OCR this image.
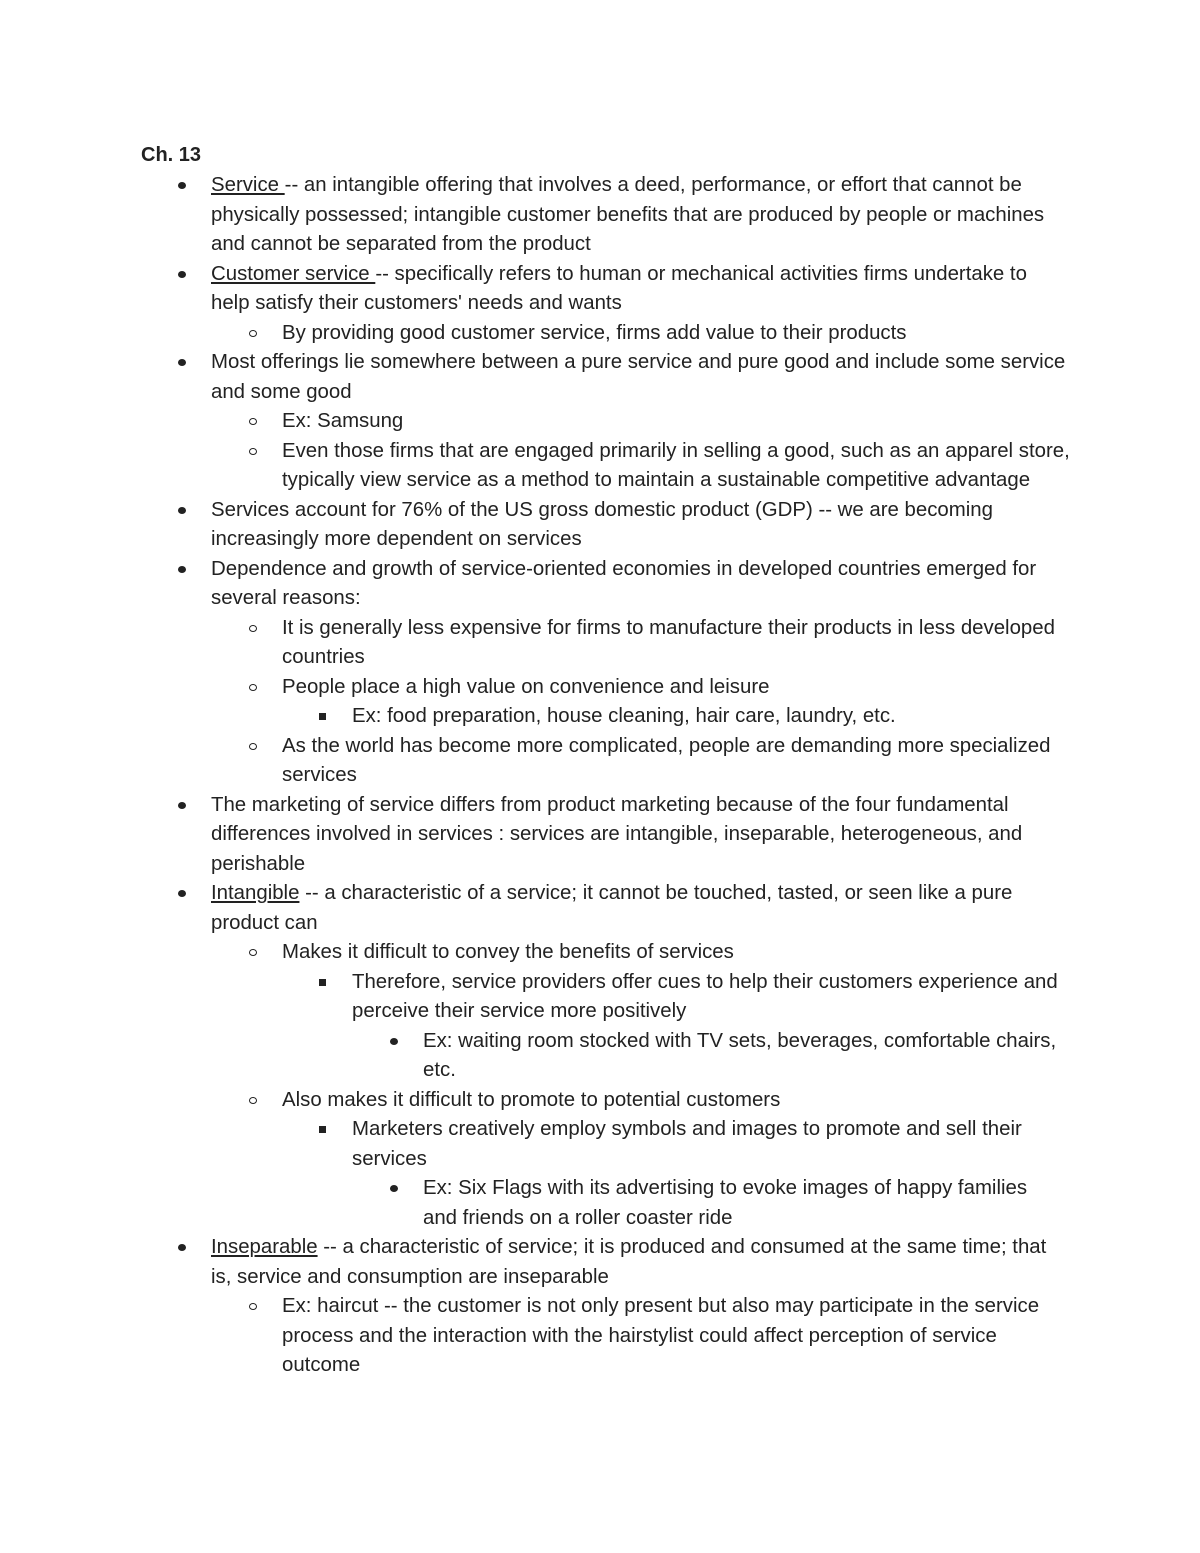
Ch. 13
Service -- an intangible offering that involves a deed, performance, or effort that cannot be physically possessed; intangible customer benefits that are produced by people or machines and cannot be separated from the product
Customer service -- specifically refers to human or mechanical activities firms undertake to help satisfy their customers' needs and wants
By providing good customer service, firms add value to their products
Most offerings lie somewhere between a pure service and pure good and include some service and some good
Ex: Samsung
Even those firms that are engaged primarily in selling a good, such as an apparel store, typically view service as a method to maintain a sustainable competitive advantage
Services account for 76% of the US gross domestic product (GDP) -- we are becoming increasingly more dependent on services
Dependence and growth of service-oriented economies in developed countries emerged for several reasons:
It is generally less expensive for firms to manufacture their products in less developed countries
People place a high value on convenience and leisure
Ex: food preparation, house cleaning, hair care, laundry, etc.
As the world has become more complicated, people are demanding more specialized services
The marketing of service differs from product marketing because of the four fundamental differences involved in services : services are intangible, inseparable, heterogeneous, and perishable
Intangible -- a characteristic of a service; it cannot be touched, tasted, or seen like a pure product can
Makes it difficult to convey the benefits of services
Therefore, service providers offer cues to help their customers experience and perceive their service more positively
Ex: waiting room stocked with TV sets, beverages, comfortable chairs, etc.
Also makes it difficult to promote to potential customers
Marketers creatively employ symbols and images to promote and sell their services
Ex: Six Flags with its advertising to evoke images of happy families and friends on a roller coaster ride
Inseparable -- a characteristic of service; it is produced and consumed at the same time; that is, service and consumption are inseparable
Ex: haircut -- the customer is not only present but also may participate in the service process and the interaction with the hairstylist could affect perception of service outcome
